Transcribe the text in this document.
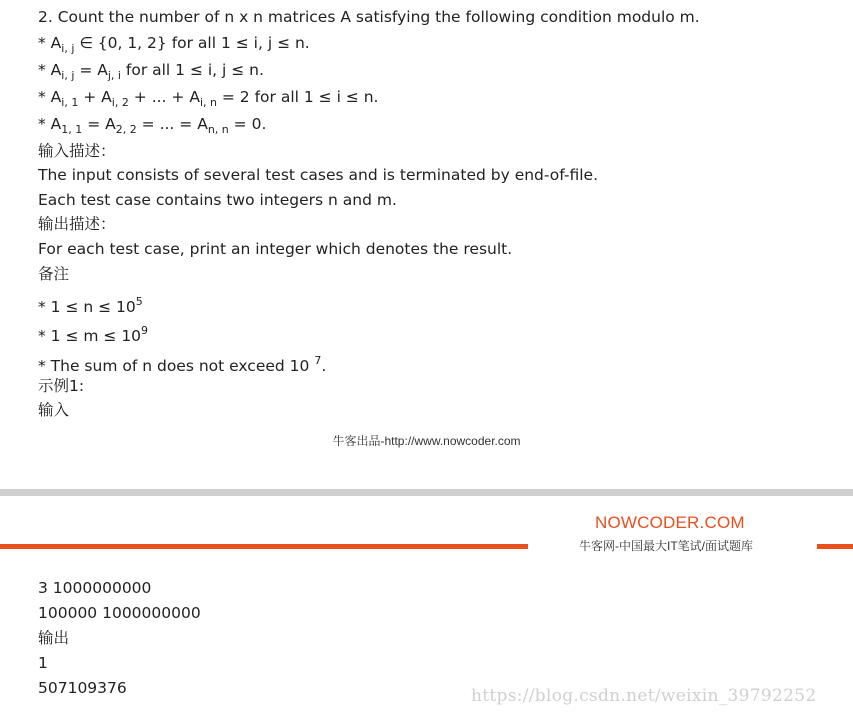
2. Count the number of n x n matrices A satisfying the following condition modulo m.
* $A_{i, j}$ ∈ {0, 1, 2} for all 1 ≤ i, j ≤ n.
* $A_{i, j} = A_{j, i}$ for all 1 ≤ i, j ≤ n.
* $A_{i, 1} + A_{i, 2}$ + ... + $A_{i, n} = 2$ for all 1 ≤ i ≤ n.
* $A_{1, 1} = A_{2, 2}$ = ... = $A_{n, n} = 0$.
输入描述：
The input consists of several test cases and is terminated by end-of-file.
Each test case contains two integers n and m.
输出描述：
For each test case, print an integer which denotes the result.
备注
* $1 \le n \le 10^5$
* $1 \le m \le 10^9$
* The sum of n does not exceed 10 $^7$.
示例1:
输入
牛客出品-http://www.nowcoder.com
NOWCODER.COM
牛客网-中国最大IT笔试/面试题库
3 1000000000
100000 1000000000
输出
1
507109376	https://blog.csdn.net/weixin_39792252
